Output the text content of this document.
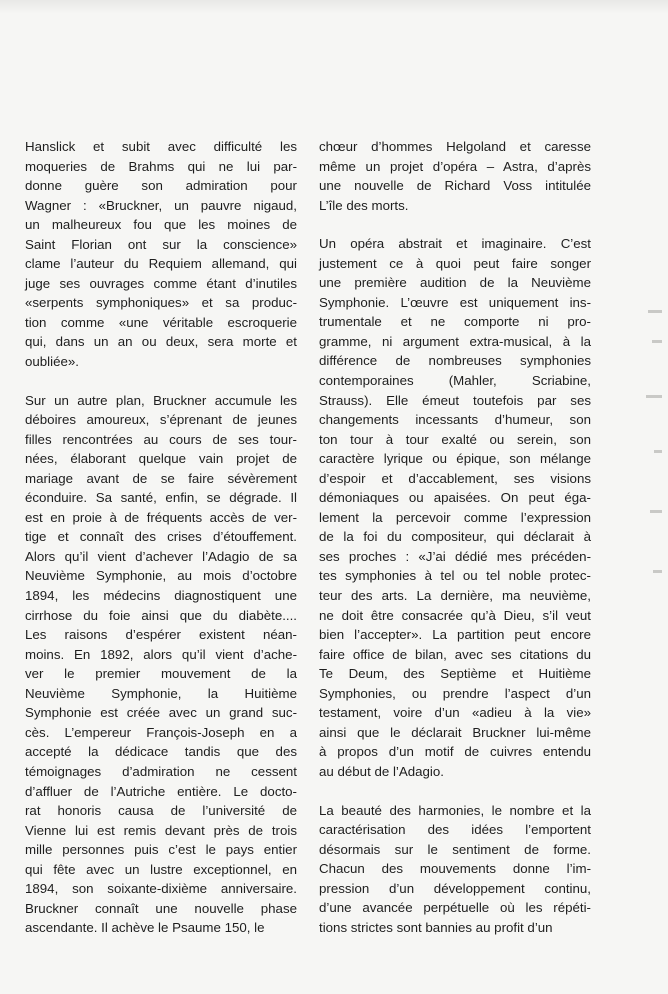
Hanslick et subit avec difficulté les
moqueries de Brahms qui ne lui par-
donne guère son admiration pour
Wagner : «Bruckner, un pauvre nigaud,
un malheureux fou que les moines de
Saint Florian ont sur la conscience»
clame l’auteur du Requiem allemand, qui
juge ses ouvrages comme étant d’inutiles
«serpents symphoniques» et sa produc-
tion comme «une véritable escroquerie
qui, dans un an ou deux, sera morte et
oubliée».

Sur un autre plan, Bruckner accumule les
déboires amoureux, s’éprenant de jeunes
filles rencontrées au cours de ses tour-
nées, élaborant quelque vain projet de
mariage avant de se faire sévèrement
éconduire. Sa santé, enfin, se dégrade. Il
est en proie à de fréquents accès de ver-
tige et connaît des crises d’étouffement.
Alors qu’il vient d’achever l’Adagio de sa
Neuvième Symphonie, au mois d’octobre
1894, les médecins diagnostiquent une
cirrhose du foie ainsi que du diabète....
Les raisons d’espérer existent néan-
moins. En 1892, alors qu’il vient d’ache-
ver le premier mouvement de la
Neuvième Symphonie, la Huitième
Symphonie est créée avec un grand suc-
cès. L’empereur François-Joseph en a
accepté la dédicace tandis que des
témoignages d’admiration ne cessent
d’affluer de l’Autriche entière. Le docto-
rat honoris causa de l’université de
Vienne lui est remis devant près de trois
mille personnes puis c’est le pays entier
qui fête avec un lustre exceptionnel, en
1894, son soixante-dixième anniversaire.
Bruckner connaît une nouvelle phase
ascendante. Il achève le Psaume 150, le

chœur d’hommes Helgoland et caresse
même un projet d’opéra – Astra, d’après
une nouvelle de Richard Voss intitulée
L’île des morts.

Un opéra abstrait et imaginaire. C’est
justement ce à quoi peut faire songer
une première audition de la Neuvième
Symphonie. L’œuvre est uniquement ins-
trumentale et ne comporte ni pro-
gramme, ni argument extra-musical, à la
différence de nombreuses symphonies
contemporaines (Mahler, Scriabine,
Strauss). Elle émeut toutefois par ses
changements incessants d’humeur, son
ton tour à tour exalté ou serein, son
caractère lyrique ou épique, son mélange
d’espoir et d’accablement, ses visions
démoniaques ou apaisées. On peut éga-
lement la percevoir comme l’expression
de la foi du compositeur, qui déclarait à
ses proches : «J’ai dédié mes précéden-
tes symphonies à tel ou tel noble protec-
teur des arts. La dernière, ma neuvième,
ne doit être consacrée qu’à Dieu, s’il veut
bien l’accepter». La partition peut encore
faire office de bilan, avec ses citations du
Te Deum, des Septième et Huitième
Symphonies, ou prendre l’aspect d’un
testament, voire d’un «adieu à la vie»
ainsi que le déclarait Bruckner lui-même
à propos d’un motif de cuivres entendu
au début de l’Adagio.

La beauté des harmonies, le nombre et la
caractérisation des idées l’emportent
désormais sur le sentiment de forme.
Chacun des mouvements donne l’im-
pression d’un développement continu,
d’une avancée perpétuelle où les répéti-
tions strictes sont bannies au profit d’un
